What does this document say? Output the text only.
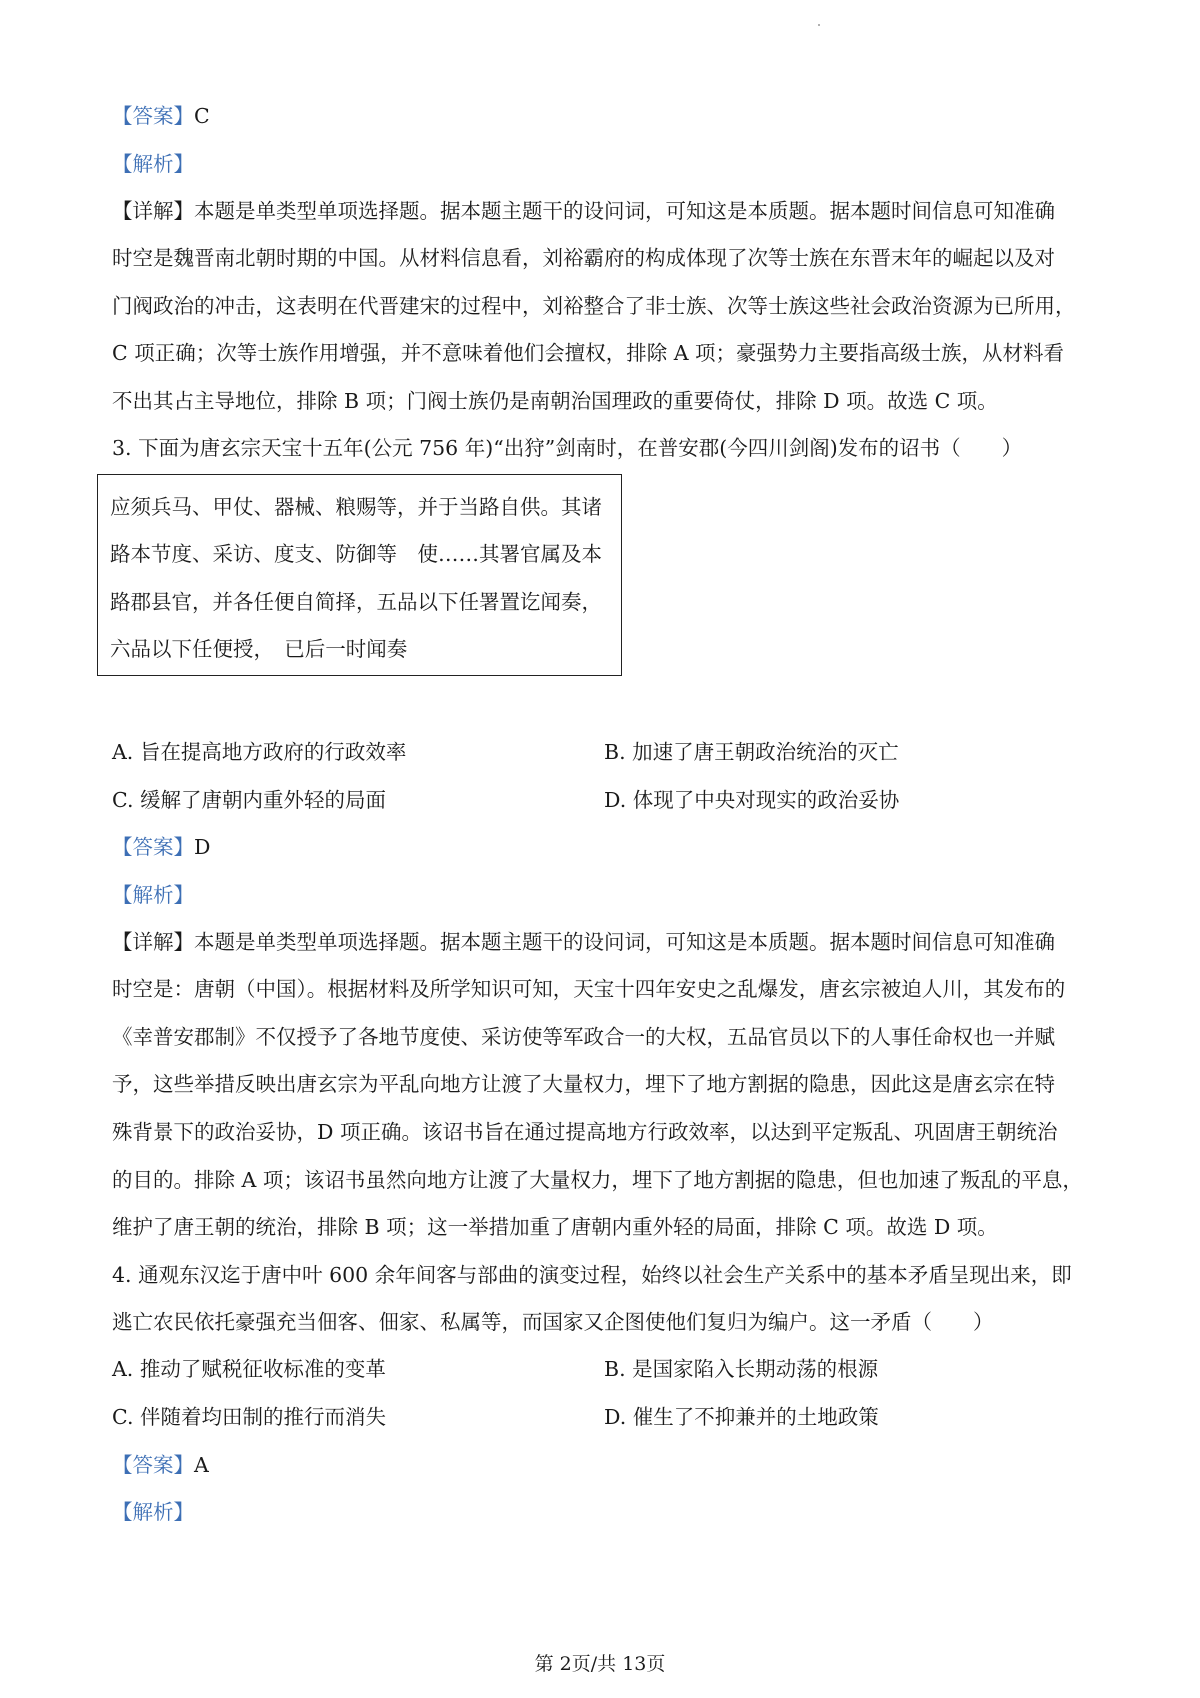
【答案】C
【解析】
【详解】本题是单类型单项选择题。据本题主题干的设问词，可知这是本质题。据本题时间信息可知准确
时空是魏晋南北朝时期的中国。从材料信息看，刘裕霸府的构成体现了次等士族在东晋末年的崛起以及对
门阀政治的冲击，这表明在代晋建宋的过程中，刘裕整合了非士族、次等士族这些社会政治资源为已所用，
C 项正确；次等士族作用增强，并不意味着他们会擅权，排除 A 项；豪强势力主要指高级士族，从材料看
不出其占主导地位，排除 B 项；门阀士族仍是南朝治国理政的重要倚仗，排除 D 项。故选 C 项。
3. 下面为唐玄宗天宝十五年(公元 756 年)“出狩”剑南时，在普安郡(今四川剑阁)发布的诏书（　　）
应须兵马、甲仗、器械、粮赐等，并于当路自供。其诸
路本节度、采访、度支、防御等　使……其署官属及本
路郡县官，并各任便自简择，五品以下任署置讫闻奏，
六品以下任便授，　已后一时闻奏
A. 旨在提高地方政府的行政效率	B. 加速了唐王朝政治统治的灭亡
C. 缓解了唐朝内重外轻的局面	D. 体现了中央对现实的政治妥协
【答案】D
【解析】
【详解】本题是单类型单项选择题。据本题主题干的设问词，可知这是本质题。据本题时间信息可知准确
时空是：唐朝（中国）。根据材料及所学知识可知，天宝十四年安史之乱爆发，唐玄宗被迫人川，其发布的
《幸普安郡制》不仅授予了各地节度使、采访使等军政合一的大权，五品官员以下的人事任命权也一并赋
予，这些举措反映出唐玄宗为平乱向地方让渡了大量权力，埋下了地方割据的隐患，因此这是唐玄宗在特
殊背景下的政治妥协，D 项正确。该诏书旨在通过提高地方行政效率，以达到平定叛乱、巩固唐王朝统治
的目的。排除 A 项；该诏书虽然向地方让渡了大量权力，埋下了地方割据的隐患，但也加速了叛乱的平息，
维护了唐王朝的统治，排除 B 项；这一举措加重了唐朝内重外轻的局面，排除 C 项。故选 D 项。
4. 通观东汉迄于唐中叶 600 余年间客与部曲的演变过程，始终以社会生产关系中的基本矛盾呈现出来，即
逃亡农民依托豪强充当佃客、佃家、私属等，而国家又企图使他们复归为编户。这一矛盾（　　）
A. 推动了赋税征收标准的变革	B. 是国家陷入长期动荡的根源
C. 伴随着均田制的推行而消失	D. 催生了不抑兼并的土地政策
【答案】A
【解析】
第 2页/共 13页
